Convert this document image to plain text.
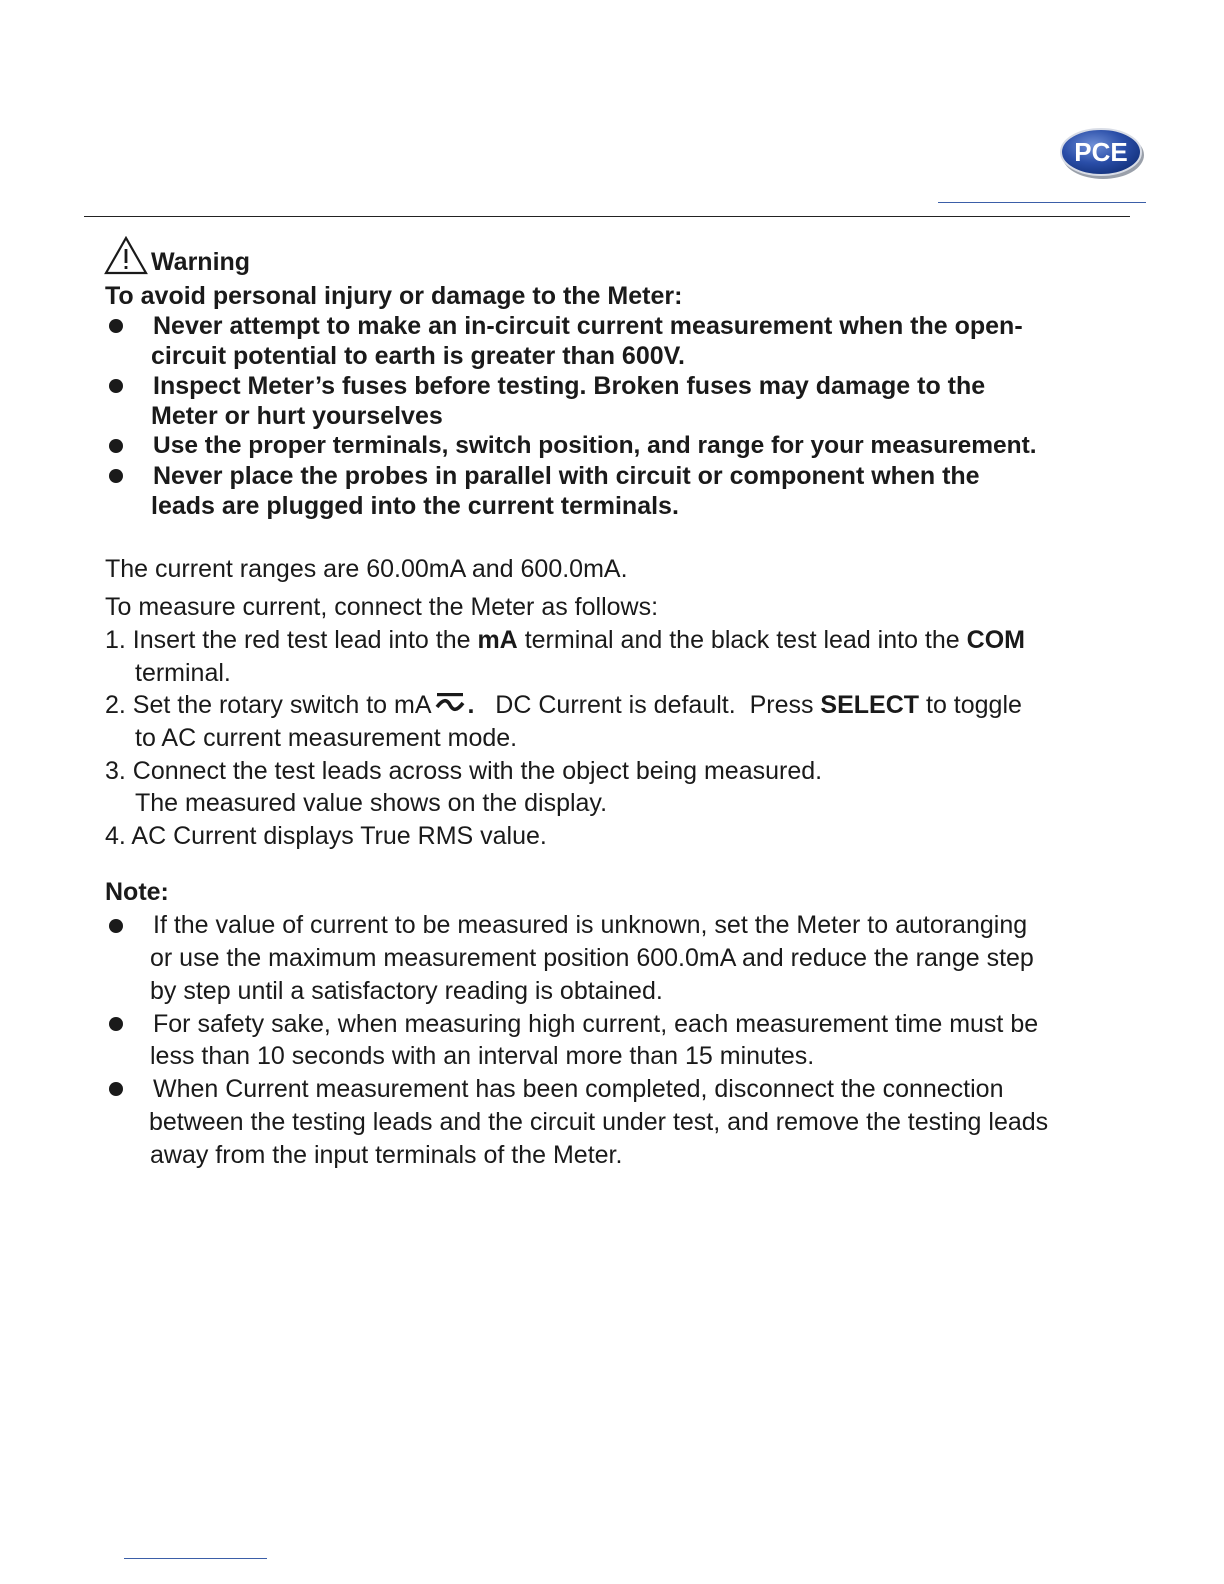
PCE
Warning
To avoid personal injury or damage to the Meter:
Never attempt to make an in-circuit current measurement when the open-
circuit potential to earth is greater than 600V.
Inspect Meter’s fuses before testing. Broken fuses may damage to the
Meter or hurt yourselves
Use the proper terminals, switch position, and range for your measurement.
Never place the probes in parallel with circuit or component when the
leads are plugged into the current terminals.
The current ranges are 60.00mA and 600.0mA.
To measure current, connect the Meter as follows:
1. Insert the red test lead into the mA terminal and the black test lead into the COM
terminal.
2. Set the rotary switch to mA .   DC Current is default.  Press SELECT to toggle
to AC current measurement mode.
3. Connect the test leads across with the object being measured.
The measured value shows on the display.
4. AC Current displays True RMS value.
Note:
If the value of current to be measured is unknown, set the Meter to autoranging
or use the maximum measurement position 600.0mA and reduce the range step
by step until a satisfactory reading is obtained.
For safety sake, when measuring high current, each measurement time must be
less than 10 seconds with an interval more than 15 minutes.
When Current measurement has been completed, disconnect the connection
between the testing leads and the circuit under test, and remove the testing leads
away from the input terminals of the Meter.
